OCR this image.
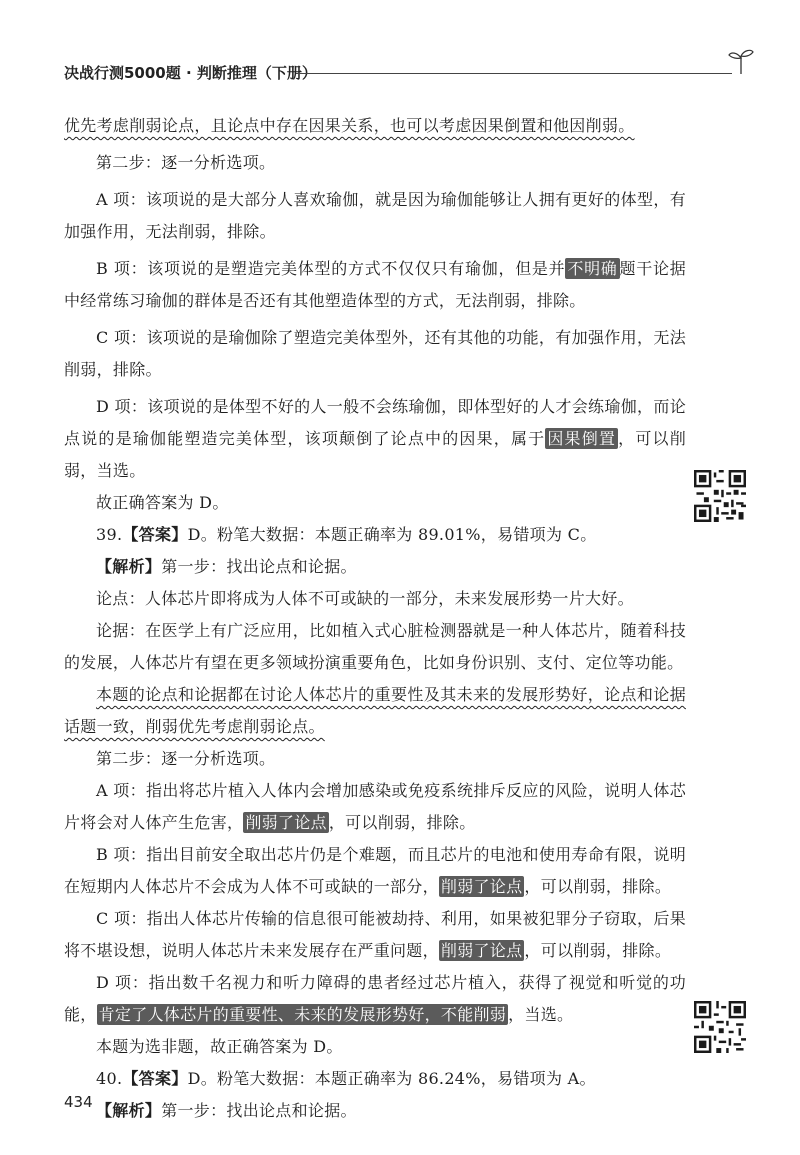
决战行测5000题 · 判断推理（下册）

优先考虑削弱论点，且论点中存在因果关系，也可以考虑因果倒置和他因削弱。

第二步：逐一分析选项。

A 项：该项说的是大部分人喜欢瑜伽，就是因为瑜伽能够让人拥有更好的体型，有加强作用，无法削弱，排除。

B 项：该项说的是塑造完美体型的方式不仅仅只有瑜伽，但是并 不明确 题干论据中经常练习瑜伽的群体是否还有其他塑造体型的方式，无法削弱，排除。

C 项：该项说的是瑜伽除了塑造完美体型外，还有其他的功能，有加强作用，无法削弱，排除。

D 项：该项说的是体型不好的人一般不会练瑜伽，即体型好的人才会练瑜伽，而论点说的是瑜伽能塑造完美体型，该项颠倒了论点中的因果，属于 因果倒置 ，可以削弱，当选。

故正确答案为 D。

39.【答案】D。粉笔大数据：本题正确率为 89.01%，易错项为 C。

【解析】第一步：找出论点和论据。

论点：人体芯片即将成为人体不可或缺的一部分，未来发展形势一片大好。

论据：在医学上有广泛应用，比如植入式心脏检测器就是一种人体芯片，随着科技的发展，人体芯片有望在更多领域扮演重要角色，比如身份识别、支付、定位等功能。

本题的论点和论据都在讨论人体芯片的重要性及其未来的发展形势好，论点和论据话题一致，削弱优先考虑削弱论点。

第二步：逐一分析选项。

A 项：指出将芯片植入人体内会增加感染或免疫系统排斥反应的风险，说明人体芯片将会对人体产生危害， 削弱了论点 ，可以削弱，排除。

B 项：指出目前安全取出芯片仍是个难题，而且芯片的电池和使用寿命有限，说明在短期内人体芯片不会成为人体不可或缺的一部分， 削弱了论点 ，可以削弱，排除。

C 项：指出人体芯片传输的信息很可能被劫持、利用，如果被犯罪分子窃取，后果将不堪设想，说明人体芯片未来发展存在严重问题， 削弱了论点 ，可以削弱，排除。

D 项：指出数千名视力和听力障碍的患者经过芯片植入，获得了视觉和听觉的功能， 肯定了人体芯片的重要性、未来的发展形势好，不能削弱 ，当选。

本题为选非题，故正确答案为 D。

40.【答案】D。粉笔大数据：本题正确率为 86.24%，易错项为 A。

【解析】第一步：找出论点和论据。

434
